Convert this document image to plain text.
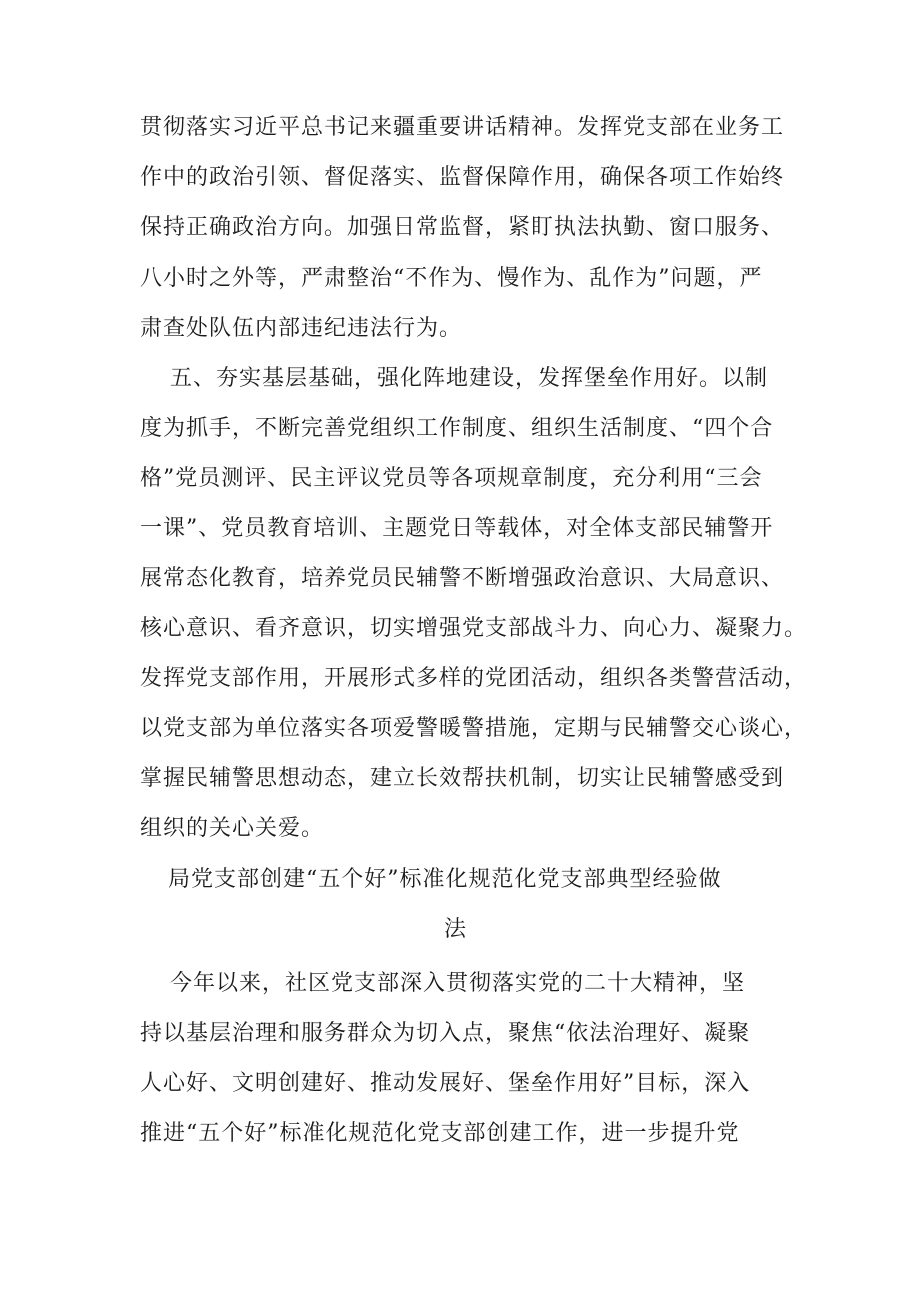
贯彻落实习近平总书记来疆重要讲话精神。发挥党支部在业务工
作中的政治引领、督促落实、监督保障作用，确保各项工作始终
保持正确政治方向。加强日常监督，紧盯执法执勤、窗口服务、
八小时之外等，严肃整治“不作为、慢作为、乱作为”问题，严
肃查处队伍内部违纪违法行为。
五、夯实基层基础，强化阵地建设，发挥堡垒作用好。以制
度为抓手，不断完善党组织工作制度、组织生活制度、“四个合
格”党员测评、民主评议党员等各项规章制度，充分利用“三会
一课”、党员教育培训、主题党日等载体，对全体支部民辅警开
展常态化教育，培养党员民辅警不断增强政治意识、大局意识、
核心意识、看齐意识，切实增强党支部战斗力、向心力、凝聚力。
发挥党支部作用，开展形式多样的党团活动，组织各类警营活动，
以党支部为单位落实各项爱警暖警措施，定期与民辅警交心谈心，
掌握民辅警思想动态，建立长效帮扶机制，切实让民辅警感受到
组织的关心关爱。
局党支部创建“五个好”标准化规范化党支部典型经验做
法
今年以来，社区党支部深入贯彻落实党的二十大精神，坚
持以基层治理和服务群众为切入点，聚焦“依法治理好、凝聚
人心好、文明创建好、推动发展好、堡垒作用好”目标，深入
推进“五个好”标准化规范化党支部创建工作，进一步提升党
